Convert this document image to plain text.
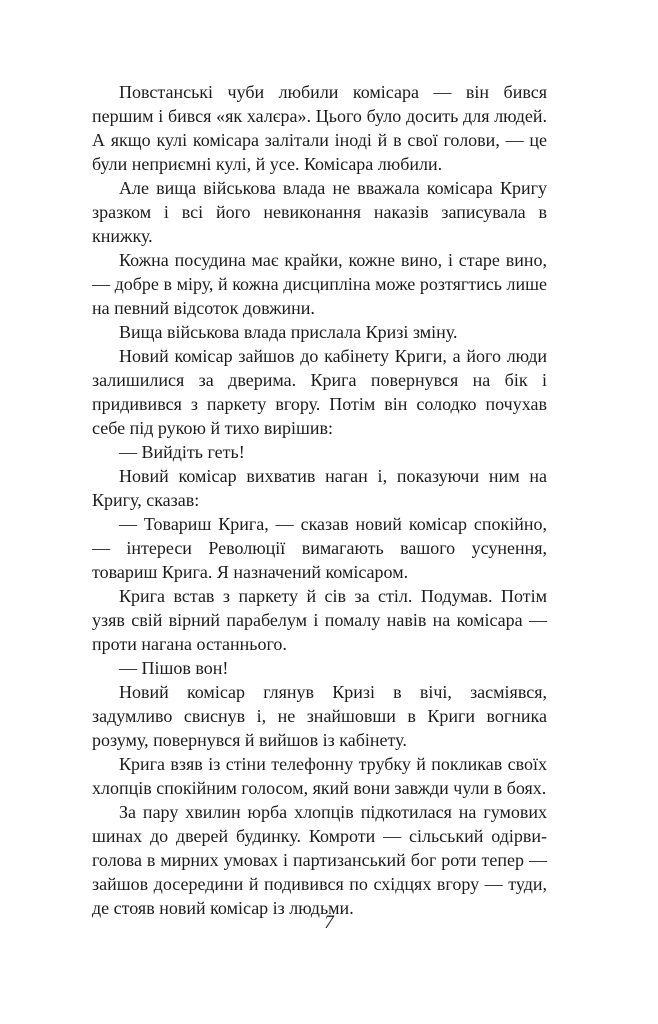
Повстанські чуби любили комісара — він бився першим і бився «як халєра». Цього було досить для людей. А якщо кулі комісара залітали іноді й в свої голови, — це були неприємні кулі, й усе. Комісара любили.

Але вища військова влада не вважала комісара Кригу зразком і всі його невиконання наказів записувала в книжку.

Кожна посудина має крайки, кожне вино, і старе вино, — добре в міру, й кожна дисципліна може розтягтись лише на певний відсоток довжини.

Вища військова влада прислала Кризі зміну.

Новий комісар зайшов до кабінету Криги, а його люди залишилися за дверима. Крига повернувся на бік і придивився з паркету вгору. Потім він солодко почухав себе під рукою й тихо вирішив:

— Вийдіть геть!

Новий комісар вихватив наган і, показуючи ним на Кригу, сказав:

— Товариш Крига, — сказав новий комісар спокійно, — інтереси Революції вимагають вашого усунення, товариш Крига. Я назначений комісаром.

Крига встав з паркету й сів за стіл. Подумав. Потім узяв свій вірний парабелум і помалу навів на комісара — проти нагана останнього.

— Пішов вон!

Новий комісар глянув Кризі в вічі, засміявся, задумливо свиснув і, не знайшовши в Криги вогника розуму, повернувся й вийшов із кабінету.

Крига взяв із стіни телефонну трубку й покликав своїх хлопців спокійним голосом, який вони завжди чули в боях.

За пару хвилин юрба хлопців підкотилася на гумових шинах до дверей будинку. Комроти — сільський одірви-голова в мирних умовах і партизанський бог роти тепер — зайшов досередини й подивився по східцях вгору — туди, де стояв новий комісар із людьми.

7
